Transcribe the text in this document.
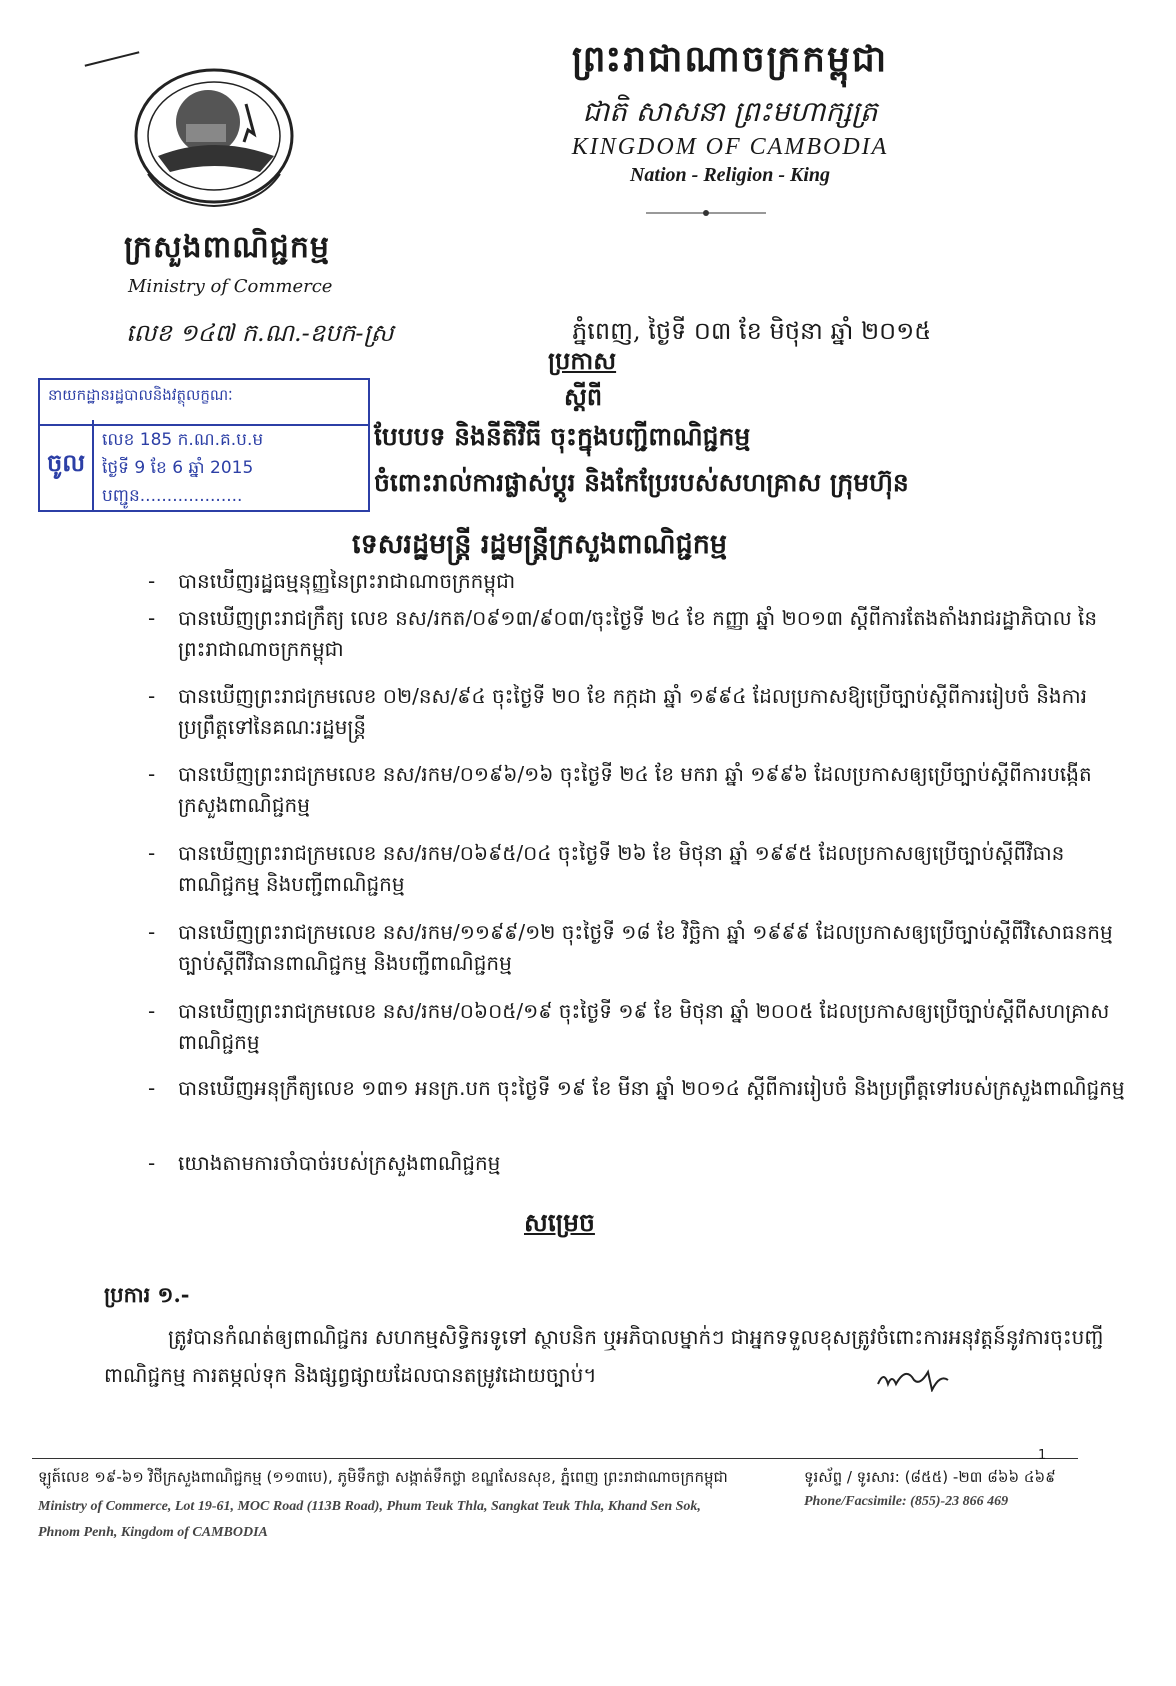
ក្រសួងពាណិជ្ជកម្ម
Ministry of Commerce
លេខ ១៤៧ ក.ណ.-ឧបក-ស្រ
ព្រះរាជាណាចក្រកម្ពុជា
ជាតិ សាសនា ព្រះមហាក្សត្រ
KINGDOM OF CAMBODIA
Nation - Religion - King
ភ្នំពេញ, ថ្ងៃទី ០៣ ខែ មិថុនា ឆ្នាំ ២០១៥
នាយកដ្ឋានរដ្ឋបាលនិងវត្ថុលក្ខណៈ
ចូល
លេខ 185 ក.ណ.គ.ប.ម
ថ្ងៃទី 9 ខែ 6 ឆ្នាំ 2015
បញ្ជូន...................
ប្រកាស
ស្តីពី
បែបបទ និងនីតិវិធី ចុះក្នុងបញ្ជីពាណិជ្ជកម្ម
ចំពោះរាល់ការផ្លាស់ប្តូរ និងកែប្រែរបស់សហគ្រាស ក្រុមហ៊ុន
ទេសរដ្ឋមន្ត្រី រដ្ឋមន្ត្រីក្រសួងពាណិជ្ជកម្ម
- បានឃើញរដ្ឋធម្មនុញ្ញនៃព្រះរាជាណាចក្រកម្ពុជា
- បានឃើញព្រះរាជក្រឹត្យ លេខ នស/រកត/០៩១៣/៩០៣/ចុះថ្ងៃទី ២៤ ខែ កញ្ញា ឆ្នាំ ២០១៣ ស្តីពីការតែងតាំងរាជរដ្ឋាភិបាល នៃព្រះរាជាណាចក្រកម្ពុជា
- បានឃើញព្រះរាជក្រមលេខ ០២/នស/៩៤ ចុះថ្ងៃទី ២០ ខែ កក្កដា ឆ្នាំ ១៩៩៤ ដែលប្រកាសឱ្យប្រើច្បាប់ស្តីពីការរៀបចំ និងការប្រព្រឹត្តទៅនៃគណៈរដ្ឋមន្ត្រី
- បានឃើញព្រះរាជក្រមលេខ នស/រកម/០១៩៦/១៦ ចុះថ្ងៃទី ២៤ ខែ មករា ឆ្នាំ ១៩៩៦ ដែលប្រកាសឲ្យប្រើច្បាប់ស្តីពីការបង្កើតក្រសួងពាណិជ្ជកម្ម
- បានឃើញព្រះរាជក្រមលេខ នស/រកម/០៦៩៥/០៤ ចុះថ្ងៃទី ២៦ ខែ មិថុនា ឆ្នាំ ១៩៩៥ ដែលប្រកាសឲ្យប្រើច្បាប់ស្តីពីវិធានពាណិជ្ជកម្ម និងបញ្ជីពាណិជ្ជកម្ម
- បានឃើញព្រះរាជក្រមលេខ នស/រកម/១១៩៩/១២ ចុះថ្ងៃទី ១៨ ខែ វិច្ឆិកា ឆ្នាំ ១៩៩៩ ដែលប្រកាសឲ្យប្រើច្បាប់ស្តីពីវិសោធនកម្មច្បាប់ស្តីពីវិធានពាណិជ្ជកម្ម និងបញ្ជីពាណិជ្ជកម្ម
- បានឃើញព្រះរាជក្រមលេខ នស/រកម/០៦០៥/១៩ ចុះថ្ងៃទី ១៩ ខែ មិថុនា ឆ្នាំ ២០០៥ ដែលប្រកាសឲ្យប្រើច្បាប់ស្តីពីសហគ្រាសពាណិជ្ជកម្ម
- បានឃើញអនុក្រឹត្យលេខ ១៣១ អនក្រ.បក ចុះថ្ងៃទី ១៩ ខែ មីនា ឆ្នាំ ២០១៤ ស្តីពីការរៀបចំ និងប្រព្រឹត្តទៅរបស់ក្រសួងពាណិជ្ជកម្ម
- យោងតាមការចាំបាច់របស់ក្រសួងពាណិជ្ជកម្ម
សម្រេច
ប្រការ ១.-
ត្រូវបានកំណត់ឲ្យពាណិជ្ជករ សហកម្មសិទ្ធិករទូទៅ ស្ថាបនិក ឬអភិបាលម្នាក់ៗ ជាអ្នកទទួលខុសត្រូវចំពោះការអនុវត្តន៍នូវការចុះបញ្ជីពាណិជ្ជកម្ម ការតម្កល់ទុក និងផ្សព្វផ្សាយដែលបានតម្រូវដោយច្បាប់។
1
ឡូត៍លេខ ១៩-៦១ វិថីក្រសួងពាណិជ្ជកម្ម (១១៣បេ), ភូមិទឹកថ្លា សង្កាត់ទឹកថ្លា ខណ្ឌសែនសុខ, ភ្នំពេញ ព្រះរាជាណាចក្រកម្ពុជា
Ministry of Commerce, Lot 19-61, MOC Road (113B Road), Phum Teuk Thla, Sangkat Teuk Thla, Khand Sen Sok, Phnom Penh, Kingdom of CAMBODIA
ទូរស័ព្ទ / ទូរសារ: (៨៥៥) -២៣ ៨៦៦ ៤៦៩
Phone/Facsimile: (855)-23 866 469
